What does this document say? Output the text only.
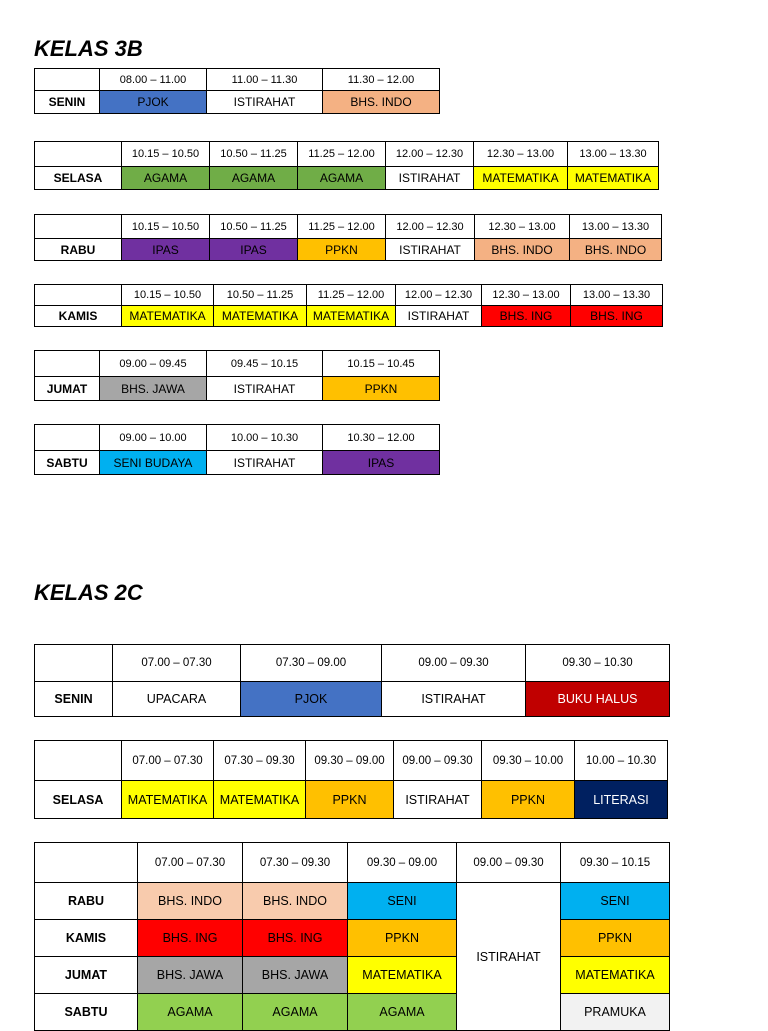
KELAS 3B
	08.00 – 11.00	11.00 – 11.30	11.30 – 12.00
SENIN	PJOK	ISTIRAHAT	BHS. INDO
	10.15 – 10.50	10.50 – 11.25	11.25 – 12.00	12.00 – 12.30	12.30 – 13.00	13.00 – 13.30
SELASA	AGAMA	AGAMA	AGAMA	ISTIRAHAT	MATEMATIKA	MATEMATIKA
	10.15 – 10.50	10.50 – 11.25	11.25 – 12.00	12.00 – 12.30	12.30 – 13.00	13.00 – 13.30
RABU	IPAS	IPAS	PPKN	ISTIRAHAT	BHS. INDO	BHS. INDO
	10.15 – 10.50	10.50 – 11.25	11.25 – 12.00	12.00 – 12.30	12.30 – 13.00	13.00 – 13.30
KAMIS	MATEMATIKA	MATEMATIKA	MATEMATIKA	ISTIRAHAT	BHS. ING	BHS. ING
	09.00 – 09.45	09.45 – 10.15	10.15 – 10.45
JUMAT	BHS. JAWA	ISTIRAHAT	PPKN
	09.00 – 10.00	10.00 – 10.30	10.30 – 12.00
SABTU	SENI BUDAYA	ISTIRAHAT	IPAS
KELAS 2C
	07.00 – 07.30	07.30 – 09.00	09.00 – 09.30	09.30 – 10.30
SENIN	UPACARA	PJOK	ISTIRAHAT	BUKU HALUS
	07.00 – 07.30	07.30 – 09.30	09.30 – 09.00	09.00 – 09.30	09.30 – 10.00	10.00 – 10.30
SELASA	MATEMATIKA	MATEMATIKA	PPKN	ISTIRAHAT	PPKN	LITERASI
	07.00 – 07.30	07.30 – 09.30	09.30 – 09.00	09.00 – 09.30	09.30 – 10.15
RABU	BHS. INDO	BHS. INDO	SENI	ISTIRAHAT	SENI
KAMIS	BHS. ING	BHS. ING	PPKN		PPKN
JUMAT	BHS. JAWA	BHS. JAWA	MATEMATIKA		MATEMATIKA
SABTU	AGAMA	AGAMA	AGAMA		PRAMUKA
